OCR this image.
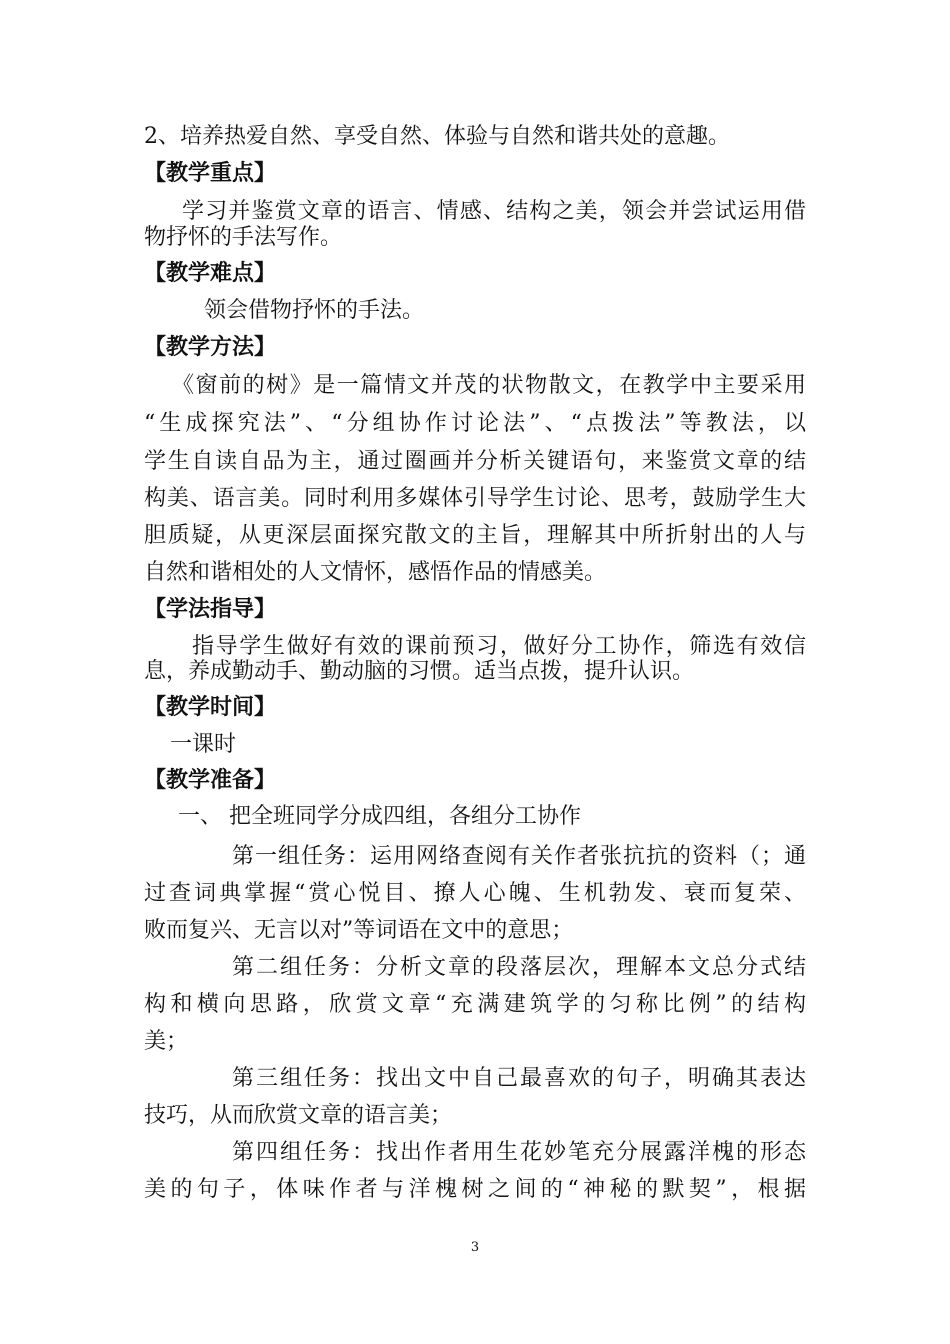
2、培养热爱自然、享受自然、体验与自然和谐共处的意趣。
【教学重点】
学习并鉴赏文章的语言、情感、结构之美，领会并尝试运用借
物抒怀的手法写作。
【教学难点】
领会借物抒怀的手法。
【教学方法】
《窗前的树》是一篇情文并茂的状物散文，在教学中主要采用
“生成探究法”、“分组协作讨论法”、“点拨法”等教法，以
学生自读自品为主，通过圈画并分析关键语句，来鉴赏文章的结
构美、语言美。同时利用多媒体引导学生讨论、思考，鼓励学生大
胆质疑，从更深层面探究散文的主旨，理解其中所折射出的人与
自然和谐相处的人文情怀，感悟作品的情感美。
【学法指导】
指导学生做好有效的课前预习，做好分工协作，筛选有效信
息，养成勤动手、勤动脑的习惯。适当点拨，提升认识。
【教学时间】
一课时
【教学准备】
一、 把全班同学分成四组，各组分工协作
第一组任务：运用网络查阅有关作者张抗抗的资料（；通
过查词典掌握“赏心悦目、撩人心魄、生机勃发、衰而复荣、
败而复兴、无言以对”等词语在文中的意思；
第二组任务：分析文章的段落层次，理解本文总分式结
构和横向思路，欣赏文章“充满建筑学的匀称比例”的结构
美；
第三组任务：找出文中自己最喜欢的句子，明确其表达
技巧，从而欣赏文章的语言美；
第四组任务：找出作者用生花妙笔充分展露洋槐的形态
美的句子，体味作者与洋槐树之间的“神秘的默契”，根据
3
